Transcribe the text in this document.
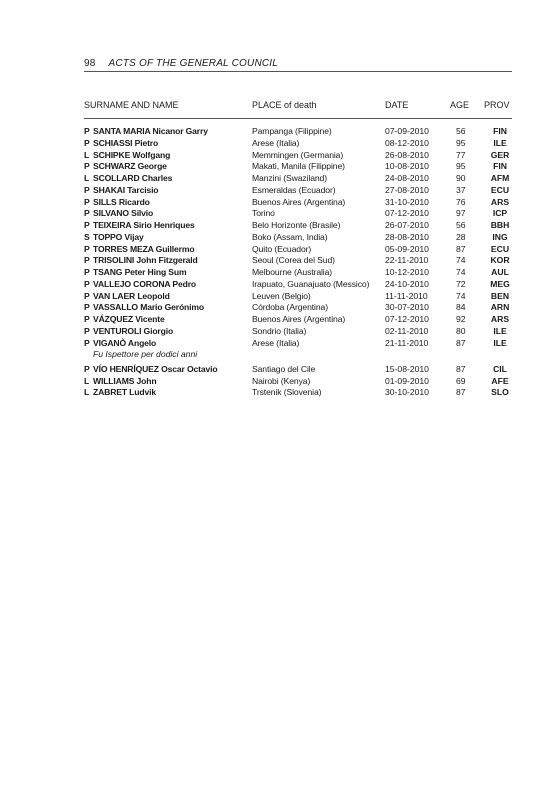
98 ACTS OF THE GENERAL COUNCIL
SURNAME AND NAME	PLACE of death	DATE	AGE PROV
P SANTA MARIA Nicanor Garry	Pampanga (Filippine)	07-09-2010	56	FIN
P SCHIASSI Pietro	Arese (Italia)	08-12-2010	95	ILE
L SCHIPKE Wolfgang	Memmingen (Germania)	26-08-2010	77	GER
P SCHWARZ George	Makati, Manila (Filippine)	10-08-2010	95	FIN
L SCOLLARD Charles	Manzini (Swaziland)	24-08-2010	90	AFM
P SHAKAI Tarcisio	Esmeraldas (Ecuador)	27-08-2010	37	ECU
P SILLS Ricardo	Buenos Aires (Argentina)	31-10-2010	76	ARS
P SILVANO Silvio	Torino	07-12-2010	97	ICP
P TEIXEIRA Sirio Henriques	Belo Horizonte (Brasile)	26-07-2010	56	BBH
S TOPPO Vijay	Boko (Assam, India)	28-08-2010	28	ING
P TORRES MEZA Guillermo	Quito (Ecuador)	05-09-2010	87	ECU
P TRISOLINI John Fitzgerald	Seoul (Corea del Sud)	22-11-2010	74	KOR
P TSANG Peter Hing Sum	Melbourne (Australia)	10-12-2010	74	AUL
P VALLEJO CORONA Pedro	Irapuato, Guanajuato (Messico) 24-10-2010	72	MEG
P VAN LAER Leopold	Leuven (Belgio)	11-11-2010	74	BEN
P VASSALLO Mario Gerónimo	Córdoba (Argentina)	30-07-2010	84	ARN
P VÁZQUEZ Vicente	Buenos Aires (Argentina)	07-12-2010	92	ARS
P VENTUROLI Giorgio	Sondrio (Italia)	02-11-2010	80	ILE
P VIGANÒ Angelo	Arese (Italia)	21-11-2010	87	ILE
Fu Ispettore per dodici anni
P VÍO HENRÍQUEZ Oscar Octavio	Santiago del Cile	15-08-2010	87	CIL
L WILLIAMS John	Nairobi (Kenya)	01-09-2010	69	AFE
L ZABRET Ludvik	Trstenik (Slovenia)	30-10-2010	87	SLO
